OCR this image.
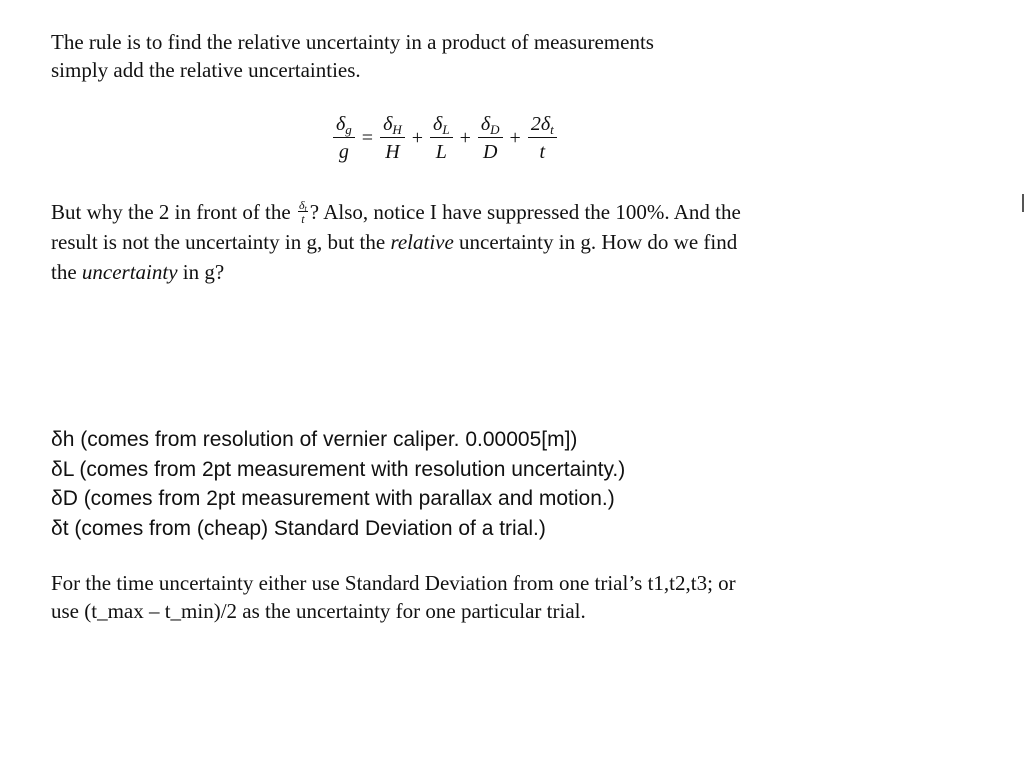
The rule is to find the relative uncertainty in a product of measurements
simply add the relative uncertainties.
$\frac{\delta_g}{g} = \frac{\delta_H}{H} + \frac{\delta_L}{L} + \frac{\delta_D}{D} + \frac{2\delta_t}{t}$
But why the 2 in front of the $\frac{\delta_t}{t}$ ? Also, notice I have suppressed the 100%. And the
result is not the uncertainty in g, but the relative uncertainty in g. How do we find
the uncertainty in g?
δh (comes from resolution of vernier caliper. 0.00005[m])
δL (comes from 2pt measurement with resolution uncertainty.)
δD (comes from 2pt measurement with parallax and motion.)
δt (comes from (cheap) Standard Deviation of a trial.)
For the time uncertainty either use Standard Deviation from one trial’s t1,t2,t3; or
use (t_max – t_min)/2 as the uncertainty for one particular trial.
